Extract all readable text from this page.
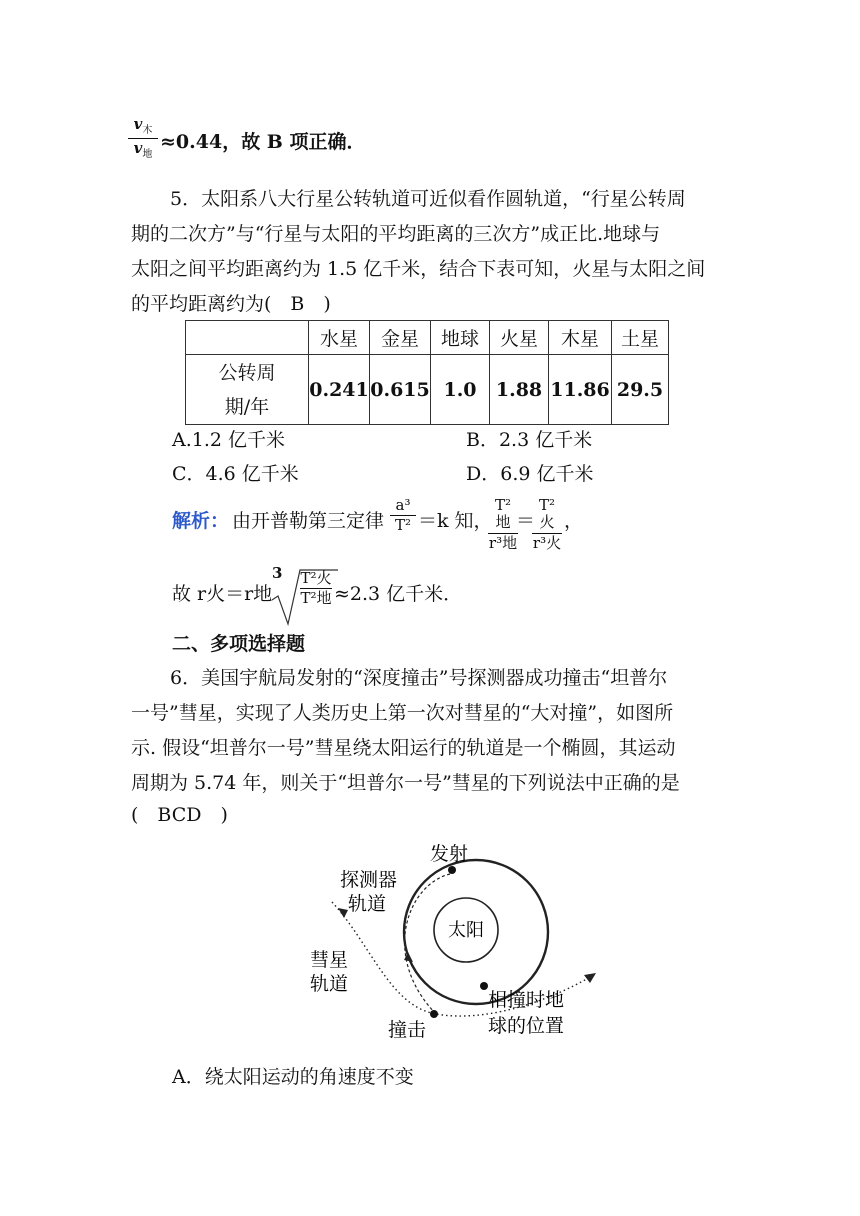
$v_木$
$v_地$
≈0.44，故 B 项正确．
5．太阳系八大行星公转轨道可近似看作圆轨道，“行星公转周
期的二次方”与“行星与太阳的平均距离的三次方”成正比.地球与
太阳之间平均距离约为 1.5 亿千米，结合下表可知，火星与太阳之间
的平均距离约为(　B　)
	水星	金星	地球	火星	木星	土星

公转周
期/年	0.241	0.615	1.0	1.88	11.86	29.5
A.1.2 亿千米	B．2.3 亿千米
C．4.6 亿千米	D．6.9 亿千米
解析： 由开普勒第三定律
a³
T² ＝k 知，
T²地
r³地
＝
T²火
r³火
，
故 r火＝r地
3 T²火
T²地 ≈2.3 亿千米．
二、多项选择题
6．美国宇航局发射的“深度撞击”号探测器成功撞击“坦普尔
一号”彗星，实现了人类历史上第一次对彗星的“大对撞”，如图所
示. 假设“坦普尔一号”彗星绕太阳运行的轨道是一个椭圆，其运动
周期为 5.74 年，则关于“坦普尔一号”彗星的下列说法中正确的是
(　BCD　)
太阳
发射
撞击
相撞时地
球的位置
探测器
轨道
彗星
轨道
A．绕太阳运动的角速度不变
